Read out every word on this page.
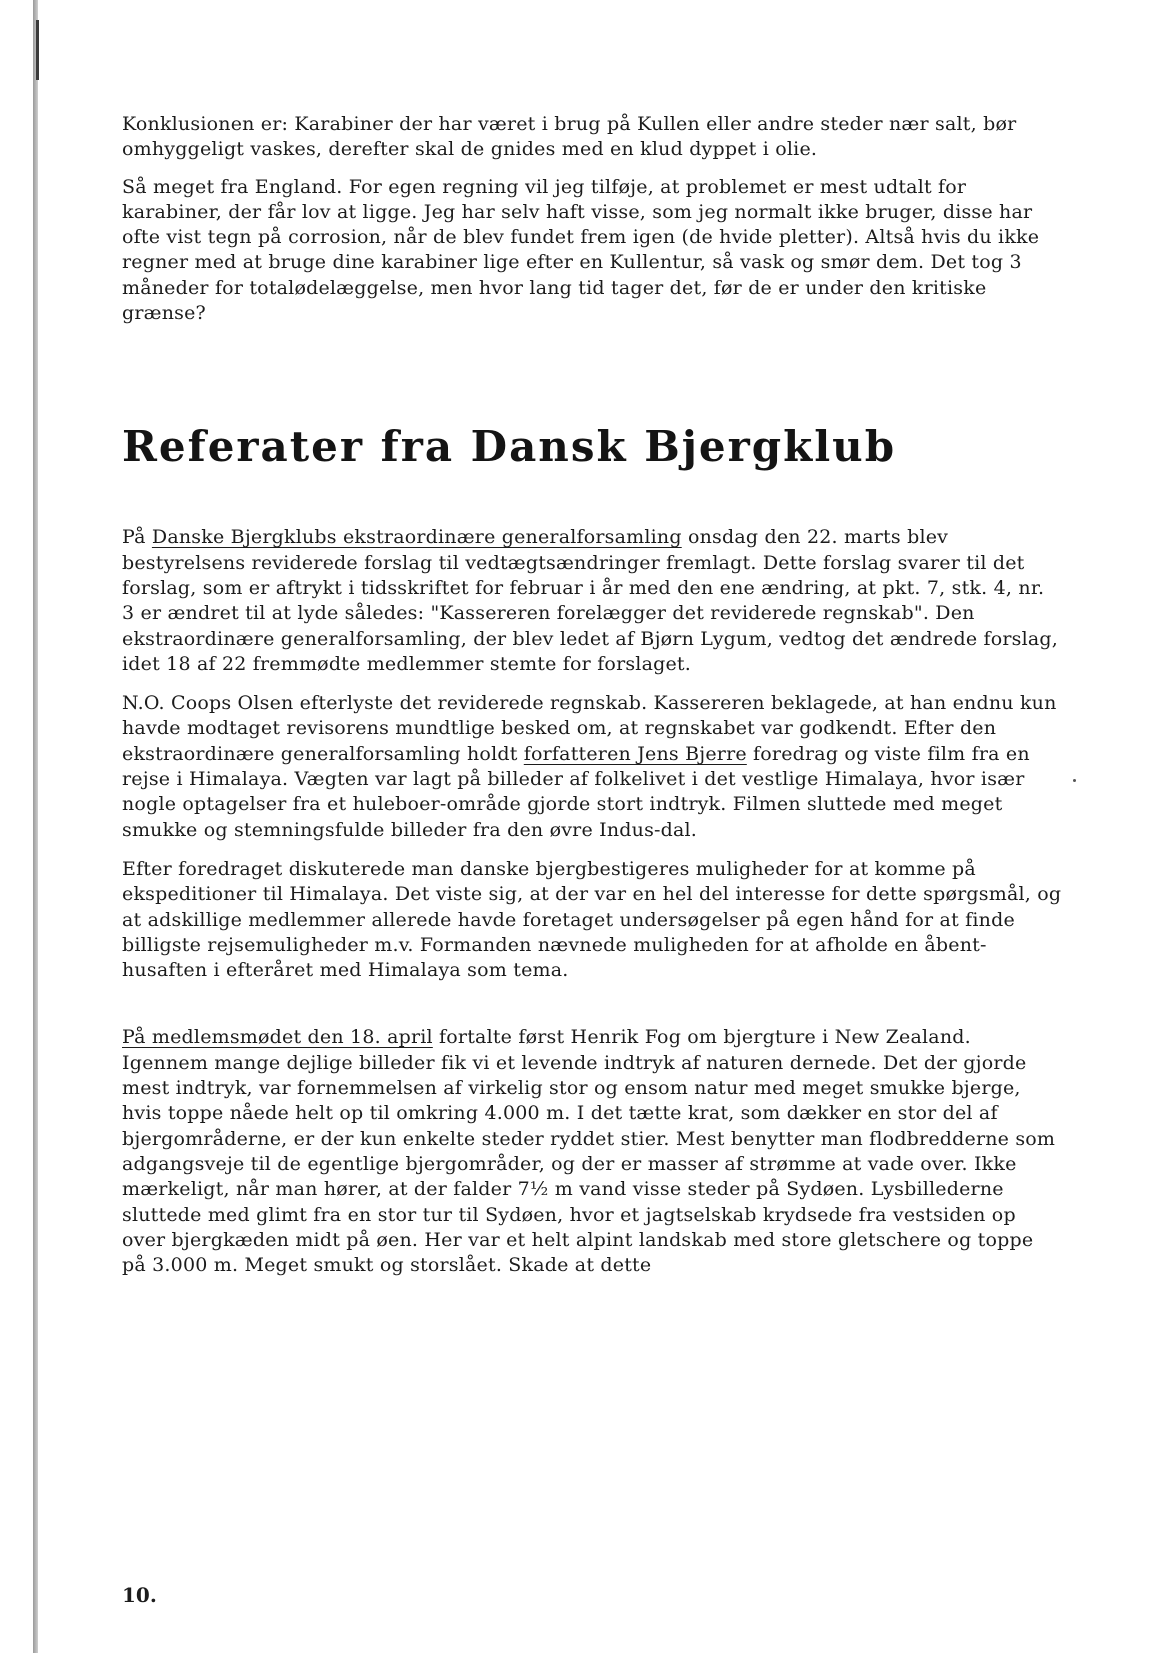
Konklusionen er: Karabiner der har været i brug på Kullen eller andre steder nær salt, bør omhyggeligt vaskes, derefter skal de gnides med en klud dyppet i olie.

Så meget fra England. For egen regning vil jeg tilføje, at problemet er mest udtalt for karabiner, der får lov at ligge. Jeg har selv haft visse, som jeg normalt ikke bruger, disse har ofte vist tegn på corrosion, når de blev fundet frem igen (de hvide pletter). Altså hvis du ikke regner med at bruge dine karabiner lige efter en Kullentur, så vask og smør dem. Det tog 3 måneder for totalødelæggelse, men hvor lang tid tager det, før de er under den kritiske grænse?

Referater fra Dansk Bjergklub

På Danske Bjergklubs ekstraordinære generalforsamling onsdag den 22. marts blev bestyrelsens reviderede forslag til vedtægtsændringer fremlagt. Dette forslag svarer til det forslag, som er aftrykt i tidsskriftet for februar i år med den ene ændring, at pkt. 7, stk. 4, nr. 3 er ændret til at lyde således: "Kassereren forelægger det reviderede regnskab". Den ekstraordinære generalforsamling, der blev ledet af Bjørn Lygum, vedtog det ændrede forslag, idet 18 af 22 fremmødte medlemmer stemte for forslaget.

N.O. Coops Olsen efterlyste det reviderede regnskab. Kassereren beklagede, at han endnu kun havde modtaget revisorens mundtlige besked om, at regnskabet var godkendt. Efter den ekstraordinære generalforsamling holdt forfatteren Jens Bjerre foredrag og viste film fra en rejse i Himalaya. Vægten var lagt på billeder af folkelivet i det vestlige Himalaya, hvor især nogle optagelser fra et huleboer-område gjorde stort indtryk. Filmen sluttede med meget smukke og stemningsfulde billeder fra den øvre Indus-dal.

Efter foredraget diskuterede man danske bjergbestigeres muligheder for at komme på ekspeditioner til Himalaya. Det viste sig, at der var en hel del interesse for dette spørgsmål, og at adskillige medlemmer allerede havde foretaget undersøgelser på egen hånd for at finde billigste rejsemuligheder m.v. Formanden nævnede muligheden for at afholde en åbent-husaften i efteråret med Himalaya som tema.

På medlemsmødet den 18. april fortalte først Henrik Fog om bjergture i New Zealand. Igennem mange dejlige billeder fik vi et levende indtryk af naturen dernede. Det der gjorde mest indtryk, var fornemmelsen af virkelig stor og ensom natur med meget smukke bjerge, hvis toppe nåede helt op til omkring 4.000 m. I det tætte krat, som dækker en stor del af bjergområderne, er der kun enkelte steder ryddet stier. Mest benytter man flodbredderne som adgangsveje til de egentlige bjergområder, og der er masser af strømme at vade over. Ikke mærkeligt, når man hører, at der falder 7½ m vand visse steder på Sydøen. Lysbillederne sluttede med glimt fra en stor tur til Sydøen, hvor et jagtselskab krydsede fra vestsiden op over bjergkæden midt på øen. Her var et helt alpint landskab med store gletschere og toppe på 3.000 m. Meget smukt og storslået. Skade at dette

10.
